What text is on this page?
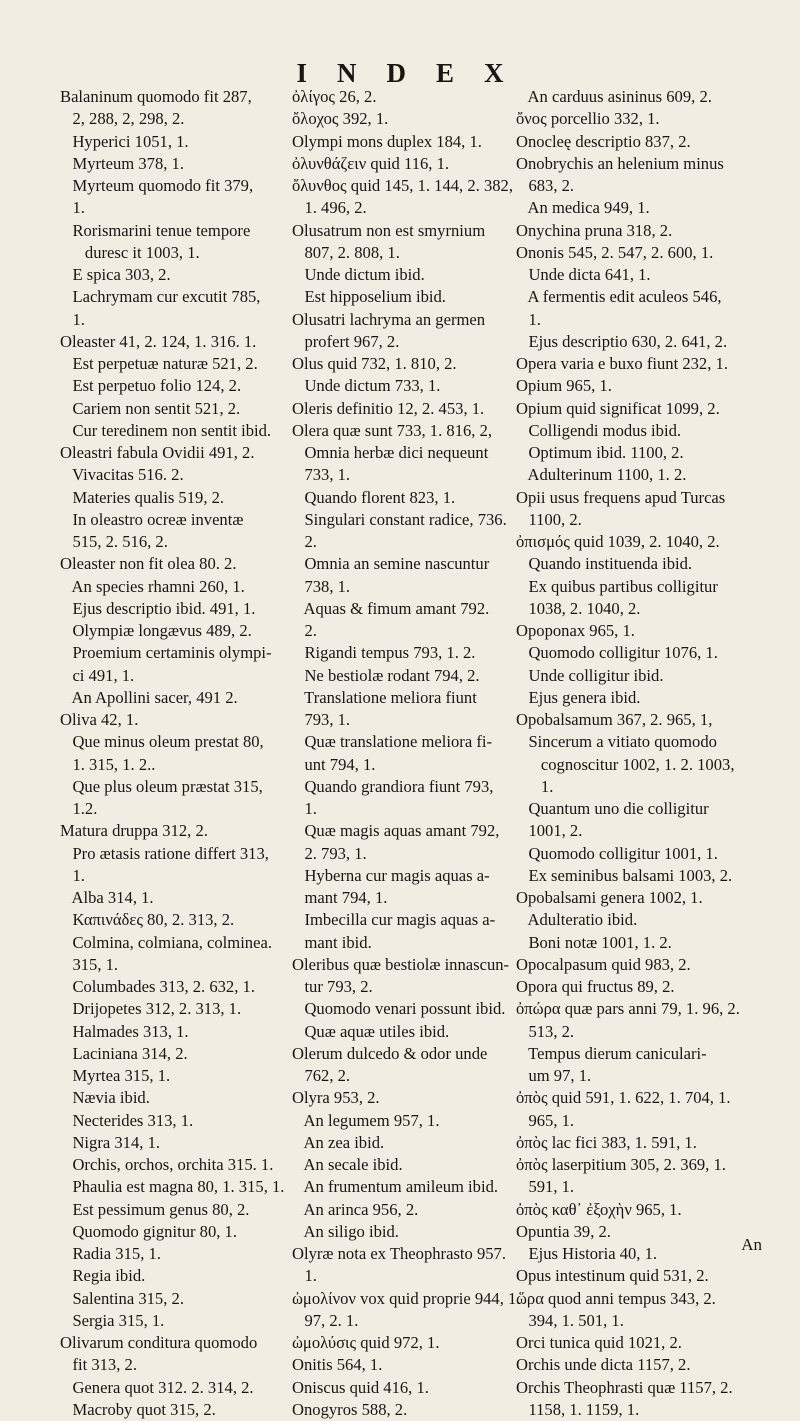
INDEX
Balaninum quomodo fit 287,
2, 288, 2, 298, 2.
Hyperici 1051, 1.
Myrteum 378, 1.
Myrteum quomodo fit 379,
1.
Rorismarini tenue tempore
duresc it 1003, 1.
E spica 303, 2.
Lachrymam cur excutit 785,
1.
Oleaster 41, 2. 124, 1. 316. 1.
Est perpetuæ naturæ 521, 2.
Est perpetuo folio 124, 2.
Cariem non sentit 521, 2.
Cur teredinem non sentit ibid.
Oleastri fabula Ovidii 491, 2.
Vivacitas 516. 2.
Materies qualis 519, 2.
In oleastro ocreæ inventæ
515, 2. 516, 2.
Oleaster non fit olea 80. 2.
An species rhamni 260, 1.
Ejus descriptio ibid. 491, 1.
Olympiæ longævus 489, 2.
Proemium certaminis olympi-
ci 491, 1.
An Apollini sacer, 491 2.
Oliva 42, 1.
Que minus oleum prestat 80,
1. 315, 1. 2..
Que plus oleum præstat 315,
1.2.
Matura druppa 312, 2.
Pro ætasis ratione differt 313,
1.
Alba 314, 1.
Καπινάδες 80, 2. 313, 2.
Colmina, colmiana, colminea.
315, 1.
Columbades 313, 2. 632, 1.
Drijopetes 312, 2. 313, 1.
Halmades 313, 1.
Laciniana 314, 2.
Myrtea 315, 1.
Nævia ibid.
Necterides 313, 1.
Nigra 314, 1.
Orchis, orchos, orchita 315. 1.
Phaulia est magna 80, 1. 315, 1.
Est pessimum genus 80, 2.
Quomodo gignitur 80, 1.
Radia 315, 1.
Regia ibid.
Salentina 315, 2.
Sergia 315, 1.
Olivarum conditura quomodo
fit 313, 2.
Genera quot 312. 2. 314, 2.
Macroby quot 315, 2.
ὀλίγος 26, 2.
ὄλοχος 392, 1.
Olympi mons duplex 184, 1.
ὀλυνθάζειν quid 116, 1.
ὄλυνθος quid 145, 1. 144, 2. 382,
1. 496, 2.
Olusatrum non est smyrnium
807, 2. 808, 1.
Unde dictum ibid.
Est hipposelium ibid.
Olusatri lachryma an germen
profert 967, 2.
Olus quid 732, 1. 810, 2.
Unde dictum 733, 1.
Oleris definitio 12, 2. 453, 1.
Olera quæ sunt 733, 1. 816, 2,
Omnia herbæ dici nequeunt
733, 1.
Quando florent 823, 1.
Singulari constant radice, 736.
2.
Omnia an semine nascuntur
738, 1.
Aquas & fimum amant 792.
2.
Rigandi tempus 793, 1. 2.
Ne bestiolæ rodant 794, 2.
Translatione meliora fiunt
793, 1.
Quæ translatione meliora fi-
unt 794, 1.
Quando grandiora fiunt 793,
1.
Quæ magis aquas amant 792,
2. 793, 1.
Hyberna cur magis aquas a-
mant 794, 1.
Imbecilla cur magis aquas a-
mant ibid.
Oleribus quæ bestiolæ innascun-
tur 793, 2.
Quomodo venari possunt ibid.
Quæ aquæ utiles ibid.
Olerum dulcedo & odor unde
762, 2.
Olyra 953, 2.
An legumem 957, 1.
An zea ibid.
An secale ibid.
An frumentum amileum ibid.
An arinca 956, 2.
An siligo ibid.
Olyræ nota ex Theophrasto 957.
1.
ὠμολίνον vox quid proprie 944, 1.
97, 2. 1.
ὠμολύσις quid 972, 1.
Onitis 564, 1.
Oniscus quid 416, 1.
Onogyros 588, 2.
An carduus asininus 609, 2.
ὄνος porcellio 332, 1.
Onocleę descriptio 837, 2.
Onobrychis an helenium minus
683, 2.
An medica 949, 1.
Onychina pruna 318, 2.
Ononis 545, 2. 547, 2. 600, 1.
Unde dicta 641, 1.
A fermentis edit aculeos 546,
1.
Ejus descriptio 630, 2. 641, 2.
Opera varia e buxo fiunt 232, 1.
Opium 965, 1.
Opium quid significat 1099, 2.
Colligendi modus ibid.
Optimum ibid. 1100, 2.
Adulterinum 1100, 1. 2.
Opii usus frequens apud Turcas
1100, 2.
ὀπισμός quid 1039, 2. 1040, 2.
Quando instituenda ibid.
Ex quibus partibus colligitur
1038, 2. 1040, 2.
Opoponax 965, 1.
Quomodo colligitur 1076, 1.
Unde colligitur ibid.
Ejus genera ibid.
Opobalsamum 367, 2. 965, 1,
Sincerum a vitiato quomodo
cognoscitur 1002, 1. 2. 1003,
1.
Quantum uno die colligitur
1001, 2.
Quomodo colligitur 1001, 1.
Ex seminibus balsami 1003, 2.
Opobalsami genera 1002, 1.
Adulteratio ibid.
Boni notæ 1001, 1. 2.
Opocalpasum quid 983, 2.
Opora qui fructus 89, 2.
ὀπώρα quæ pars anni 79, 1. 96, 2.
513, 2.
Tempus dierum caniculari-
um 97, 1.
ὀπὸς quid 591, 1. 622, 1. 704, 1.
965, 1.
ὀπὸς lac fici 383, 1. 591, 1.
ὀπὸς laserpitium 305, 2. 369, 1.
591, 1.
ὀπὸς καθ᾽ ἐξοχὴν 965, 1.
Opuntia 39, 2.
Ejus Historia 40, 1.
Opus intestinum quid 531, 2.
ὥρα quod anni tempus 343, 2.
394, 1. 501, 1.
Orci tunica quid 1021, 2.
Orchis unde dicta 1157, 2.
Orchis Theophrasti quæ 1157, 2.
1158, 1. 1159, 1.
An
